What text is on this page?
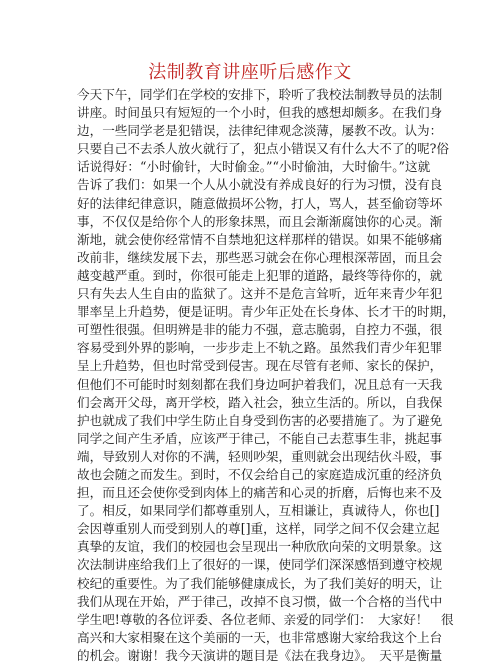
法制教育讲座听后感作文
今天下午，同学们在学校的安排下，聆听了我校法制教导员的法制
讲座。时间虽只有短短的一个小时，但我的感想却颇多。在我们身
边，一些同学老是犯错误，法律纪律观念淡薄，屡教不改。认为：
只要自己不去杀人放火就行了，犯点小错误又有什么大不了的呢?俗
话说得好：“小时偷针，大时偷金。”“小时偷油，大时偷牛。”这就
告诉了我们：如果一个人从小就没有养成良好的行为习惯，没有良
好的法律纪律意识，随意做损坏公物，打人，骂人，甚至偷窃等坏
事，不仅仅是给你个人的形象抹黑，而且会渐渐腐蚀你的心灵。渐
渐地，就会使你经常情不自禁地犯这样那样的错误。如果不能够痛
改前非，继续发展下去，那些恶习就会在你心理根深蒂固，而且会
越变越严重。到时，你很可能走上犯罪的道路，最终等待你的，就
只有失去人生自由的监狱了。这并不是危言耸听，近年来青少年犯
罪率呈上升趋势，便是证明。青少年正处在长身体、长才干的时期，
可塑性很强。但明辨是非的能力不强，意志脆弱，自控力不强，很
容易受到外界的影响，一步步走上不轨之路。虽然我们青少年犯罪
呈上升趋势，但也时常受到侵害。现在尽管有老师、家长的保护，
但他们不可能时时刻刻都在我们身边呵护着我们，况且总有一天我
们会离开父母，离开学校，踏入社会，独立生活的。所以，自我保
护也就成了我们中学生防止自身受到伤害的必要措施了。为了避免
同学之间产生矛盾，应该严于律己，不能自己去惹事生非，挑起事
端，导致别人对你的不满，轻则吵架，重则就会出现结伙斗殴，事
故也会随之而发生。到时，不仅会给自己的家庭造成沉重的经济负
担，而且还会使你受到肉体上的痛苦和心灵的折磨，后悔也来不及
了。相反，如果同学们都尊重别人，互相谦让，真诚待人，你也[]
会因尊重别人而受到别人的尊[]重，这样，同学之间不仅会建立起
真挚的友谊，我们的校园也会呈现出一种欣欣向荣的文明景象。这
次法制讲座给我们上了很好的一课，使同学们深深感悟到遵守校规
校纪的重要性。为了我们能够健康成长，为了我们美好的明天，让
我们从现在开始，严于律己，改掉不良习惯，做一个合格的当代中
学生吧!尊敬的各位评委、各位老师、亲爱的同学们：　大家好！　很
高兴和大家相聚在这个美丽的一天，也非常感谢大家给我这个上台
的机会。谢谢！我今天演讲的题目是《法在我身边》。　天平是衡量
